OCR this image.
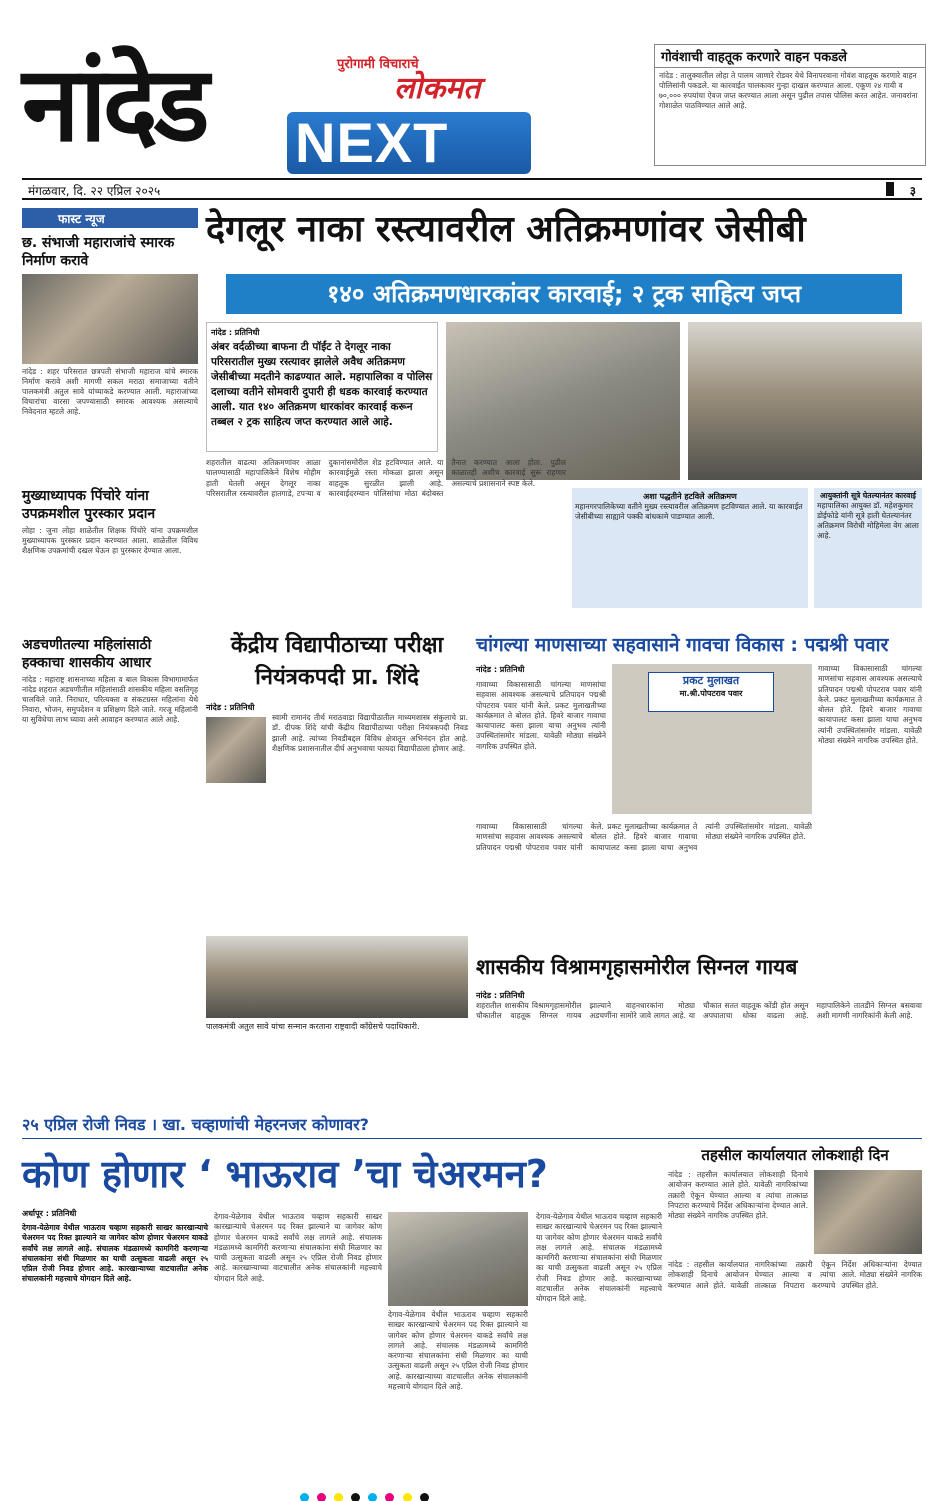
नांदेड	पुरोगामी विचाराचे
लोकमत
NEXT
गोवंशाची वाहतूक करणारे वाहन पकडले

नांदेड : तालुक्यातील लोहा ते पालम जाणारे रोडवर येथे विनापरवाना गोवंश वाहतूक करणारे वाहन पोलिसांनी पकडले. या कारवाईत चालकावर गुन्हा दाखल करण्यात आला. एकूण २४ गायी व ७०,००० रुपयांचा ऐवज जप्त करण्यात आला असून पुढील तपास पोलिस करत आहेत. जनावरांना गोशाळेत पाठविण्यात आले आहे.

मंगळवार, दि. २२ एप्रिल २०२५	३
फास्ट न्यूज
छ. संभाजी महाराजांचे स्मारक निर्माण करावे

नांदेड : शहर परिसरात छत्रपती संभाजी महाराज यांचे स्मारक निर्माण करावे अशी मागणी सकल मराठा समाजाच्या वतीने पालकमंत्री अतुल सावे यांच्याकडे करण्यात आली. महाराजांच्या विचारांचा वारसा जपण्यासाठी स्मारक आवश्यक असल्याचे निवेदनात म्हटले आहे.

मुख्याध्यापक पिंचोरे यांना उपक्रमशील पुरस्कार प्रदान

लोहा : जुना लोहा शाळेतील शिक्षक पिंचोरे यांना उपक्रमशील मुख्याध्यापक पुरस्कार प्रदान करण्यात आला. शाळेतील विविध शैक्षणिक उपक्रमांची दखल घेऊन हा पुरस्कार देण्यात आला.

अडचणीतल्या महिलांसाठी हक्काचा शासकीय आधार

नांदेड : महाराष्ट्र शासनाच्या महिला व बाल विकास विभागामार्फत नांदेड शहरात अडचणीतील महिलांसाठी शासकीय महिला वसतिगृह चालविले जाते. निराधार, परित्यक्ता व संकटग्रस्त महिलांना येथे निवारा, भोजन, समुपदेशन व प्रशिक्षण दिले जाते. गरजू महिलांनी या सुविधेचा लाभ घ्यावा असे आवाहन करण्यात आले आहे.

देगलूर नाका रस्त्यावरील अतिक्रमणांवर जेसीबी
१४० अतिक्रमणधारकांवर कारवाई; २ ट्रक साहित्य जप्त
नांदेड : प्रतिनिधी
अंबर वर्दळीच्या बाफना टी पॉईंट ते देगलूर नाका परिसरातील मुख्य रस्त्यावर झालेले अवैध अतिक्रमण जेसीबीच्या मदतीने काढण्यात आले. महापालिका व पोलिस दलाच्या वतीने सोमवारी दुपारी ही धडक कारवाई करण्यात आली. यात १४० अतिक्रमण धारकांवर कारवाई करून तब्बल २ ट्रक साहित्य जप्त करण्यात आले आहे.
शहरातील वाढत्या अतिक्रमणांवर आळा घालण्यासाठी महापालिकेने विशेष मोहीम हाती घेतली असून देगलूर नाका परिसरातील रस्त्यावरील हातगाडे, टपऱ्या व दुकानांसमोरील शेड हटविण्यात आले. या कारवाईमुळे रस्ता मोकळा झाला असून वाहतूक सुरळीत झाली आहे. कारवाईदरम्यान पोलिसांचा मोठा बंदोबस्त तैनात करण्यात आला होता. पुढील काळातही अशीच कारवाई सुरू राहणार असल्याचे प्रशासनाने स्पष्ट केले.
अशा पद्धतीने हटविले अतिक्रमण
महानगरपालिकेच्या वतीने मुख्य रस्त्यावरील अतिक्रमण हटविण्यात आले. या कारवाईत जेसीबीच्या साह्याने पक्की बांधकामे पाडण्यात आली.
आयुक्तांनी सूत्रे घेतल्यानंतर कारवाई
महापालिका आयुक्त डॉ. महेशकुमार डोईफोडे यांनी सूत्रे हाती घेतल्यानंतर अतिक्रमण विरोधी मोहिमेला वेग आला आहे.
केंद्रीय विद्यापीठाच्या परीक्षा नियंत्रकपदी प्रा. शिंदे
नांदेड : प्रतिनिधी
स्वामी रामानंद तीर्थ मराठवाडा विद्यापीठातील माध्यमशास्त्र संकुलाचे प्रा. डॉ. दीपक शिंदे यांची केंद्रीय विद्यापीठाच्या परीक्षा नियंत्रकपदी निवड झाली आहे. त्यांच्या निवडीबद्दल विविध क्षेत्रातून अभिनंदन होत आहे. शैक्षणिक प्रशासनातील दीर्घ अनुभवाचा फायदा विद्यापीठाला होणार आहे.
पालकमंत्री अतुल सावे यांचा सन्मान करताना राष्ट्रवादी काँग्रेसचे पदाधिकारी.
चांगल्या माणसाच्या सहवासाने गावचा विकास : पद्मश्री पवार
नांदेड : प्रतिनिधी
प्रकट मुलाखत
मा.श्री.पोपटराव पवार
गावाच्या विकासासाठी चांगल्या माणसांचा सहवास आवश्यक असल्याचे प्रतिपादन पद्मश्री पोपटराव पवार यांनी केले. प्रकट मुलाखतीच्या कार्यक्रमात ते बोलत होते. हिवरे बाजार गावाचा कायापालट कसा झाला याचा अनुभव त्यांनी उपस्थितांसमोर मांडला. यावेळी मोठ्या संख्येने नागरिक उपस्थित होते.
गावाच्या विकासासाठी चांगल्या माणसांचा सहवास आवश्यक असल्याचे प्रतिपादन पद्मश्री पोपटराव पवार यांनी केले. प्रकट मुलाखतीच्या कार्यक्रमात ते बोलत होते. हिवरे बाजार गावाचा कायापालट कसा झाला याचा अनुभव त्यांनी उपस्थितांसमोर मांडला. यावेळी मोठ्या संख्येने नागरिक उपस्थित होते.
गावाच्या विकासासाठी चांगल्या माणसांचा सहवास आवश्यक असल्याचे प्रतिपादन पद्मश्री पोपटराव पवार यांनी केले. प्रकट मुलाखतीच्या कार्यक्रमात ते बोलत होते. हिवरे बाजार गावाचा कायापालट कसा झाला याचा अनुभव त्यांनी उपस्थितांसमोर मांडला. यावेळी मोठ्या संख्येने नागरिक उपस्थित होते.
शासकीय विश्रामगृहासमोरील सिग्नल गायब
नांदेड : प्रतिनिधी
शहरातील शासकीय विश्रामगृहासमोरील चौकातील वाहतूक सिग्नल गायब झाल्याने वाहनधारकांना मोठ्या अडचणींना सामोरे जावे लागत आहे. या चौकात सतत वाहतूक कोंडी होत असून अपघाताचा धोका वाढला आहे. महापालिकेने तातडीने सिग्नल बसवावा अशी मागणी नागरिकांनी केली आहे.
२५ एप्रिल रोजी निवड । खा. चव्हाणांची मेहरनजर कोणावर?
कोण होणार ‘ भाऊराव ’चा चेअरमन?
अर्धापूर : प्रतिनिधी
देगाव-येळेगाव येथील भाऊराव चव्हाण सहकारी साखर कारखान्याचे चेअरमन पद रिक्त झाल्याने या जागेवर कोण होणार चेअरमन याकडे सर्वांचे लक्ष लागले आहे. संचालक मंडळामध्ये कामगिरी करणाऱ्या संचालकांना संधी मिळणार का याची उत्सुकता वाढली असून २५ एप्रिल रोजी निवड होणार आहे. कारखान्याच्या वाटचालीत अनेक संचालकांनी महत्त्वाचे योगदान दिले आहे.
देगाव-येळेगाव येथील भाऊराव चव्हाण सहकारी साखर कारखान्याचे चेअरमन पद रिक्त झाल्याने या जागेवर कोण होणार चेअरमन याकडे सर्वांचे लक्ष लागले आहे. संचालक मंडळामध्ये कामगिरी करणाऱ्या संचालकांना संधी मिळणार का याची उत्सुकता वाढली असून २५ एप्रिल रोजी निवड होणार आहे. कारखान्याच्या वाटचालीत अनेक संचालकांनी महत्त्वाचे योगदान दिले आहे.
देगाव-येळेगाव येथील भाऊराव चव्हाण सहकारी साखर कारखान्याचे चेअरमन पद रिक्त झाल्याने या जागेवर कोण होणार चेअरमन याकडे सर्वांचे लक्ष लागले आहे. संचालक मंडळामध्ये कामगिरी करणाऱ्या संचालकांना संधी मिळणार का याची उत्सुकता वाढली असून २५ एप्रिल रोजी निवड होणार आहे. कारखान्याच्या वाटचालीत अनेक संचालकांनी महत्त्वाचे योगदान दिले आहे.
देगाव-येळेगाव येथील भाऊराव चव्हाण सहकारी साखर कारखान्याचे चेअरमन पद रिक्त झाल्याने या जागेवर कोण होणार चेअरमन याकडे सर्वांचे लक्ष लागले आहे. संचालक मंडळामध्ये कामगिरी करणाऱ्या संचालकांना संधी मिळणार का याची उत्सुकता वाढली असून २५ एप्रिल रोजी निवड होणार आहे. कारखान्याच्या वाटचालीत अनेक संचालकांनी महत्त्वाचे योगदान दिले आहे.
तहसील कार्यालयात लोकशाही दिन
नांदेड : तहसील कार्यालयात लोकशाही दिनाचे आयोजन करण्यात आले होते. यावेळी नागरिकांच्या तक्रारी ऐकून घेण्यात आल्या व त्यांचा तात्काळ निपटारा करण्याचे निर्देश अधिकाऱ्यांना देण्यात आले. मोठ्या संख्येने नागरिक उपस्थित होते.
नांदेड : तहसील कार्यालयात लोकशाही दिनाचे आयोजन करण्यात आले होते. यावेळी नागरिकांच्या तक्रारी ऐकून घेण्यात आल्या व त्यांचा तात्काळ निपटारा करण्याचे निर्देश अधिकाऱ्यांना देण्यात आले. मोठ्या संख्येने नागरिक उपस्थित होते.
